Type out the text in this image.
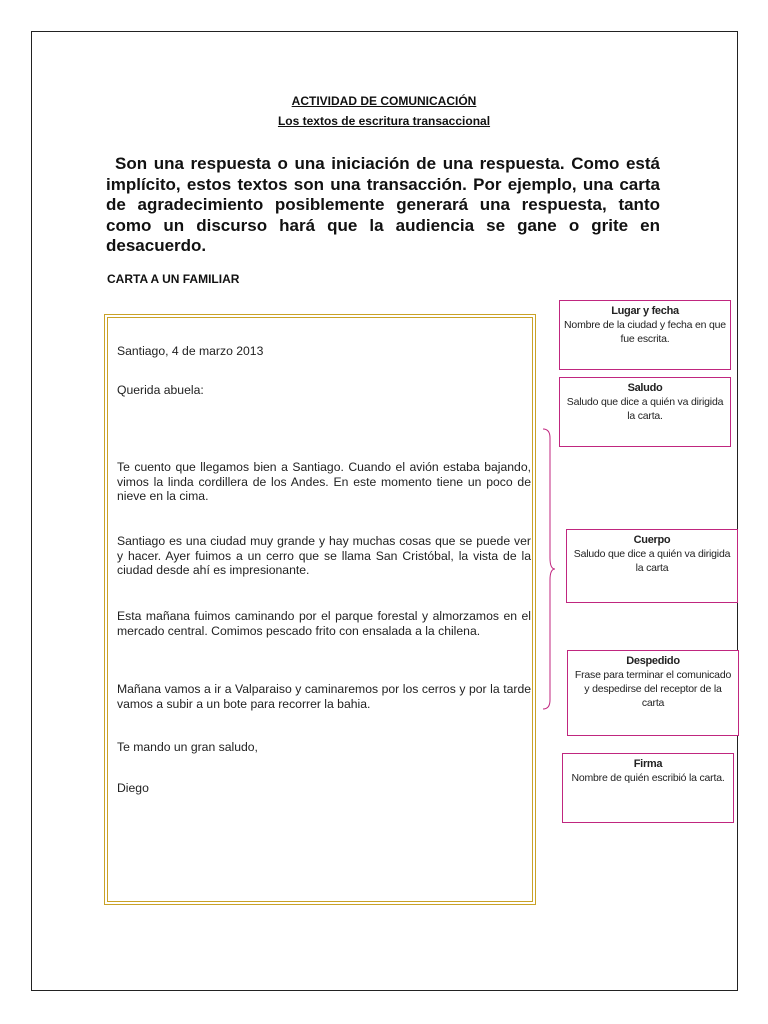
ACTIVIDAD DE COMUNICACIÓN
Los textos de escritura transaccional
Son una respuesta o una iniciación de una respuesta. Como está implícito, estos textos son una transacción. Por ejemplo, una carta de agradecimiento posiblemente generará una respuesta, tanto como un discurso hará que la audiencia se gane o grite en desacuerdo.
CARTA A UN FAMILIAR
Santiago, 4 de marzo 2013
Querida abuela:
Te cuento que llegamos bien a Santiago. Cuando el avión estaba bajando, vimos la linda cordillera de los Andes. En este momento tiene un poco de nieve en la cima.
Santiago es una ciudad muy grande y hay muchas cosas que se puede ver y hacer. Ayer fuimos a un cerro que se llama San Cristóbal, la vista de la ciudad desde ahí es impresionante.
Esta mañana fuimos caminando por el parque forestal y almorzamos en el mercado central. Comimos pescado frito con ensalada a la chilena.
Mañana vamos a ir a Valparaiso y caminaremos por los cerros y por la tarde vamos a subir a un bote para recorrer la bahia.
Te mando un gran saludo,
Diego
Lugar y fecha
Nombre de la ciudad y fecha en que fue escrita.
Saludo
Saludo que dice a quién va dirigida la carta.
Cuerpo
Saludo que dice a quién va dirigida la carta
Despedido
Frase para terminar el comunicado y despedirse del receptor de la carta
Firma
Nombre de quién escribió la carta.
